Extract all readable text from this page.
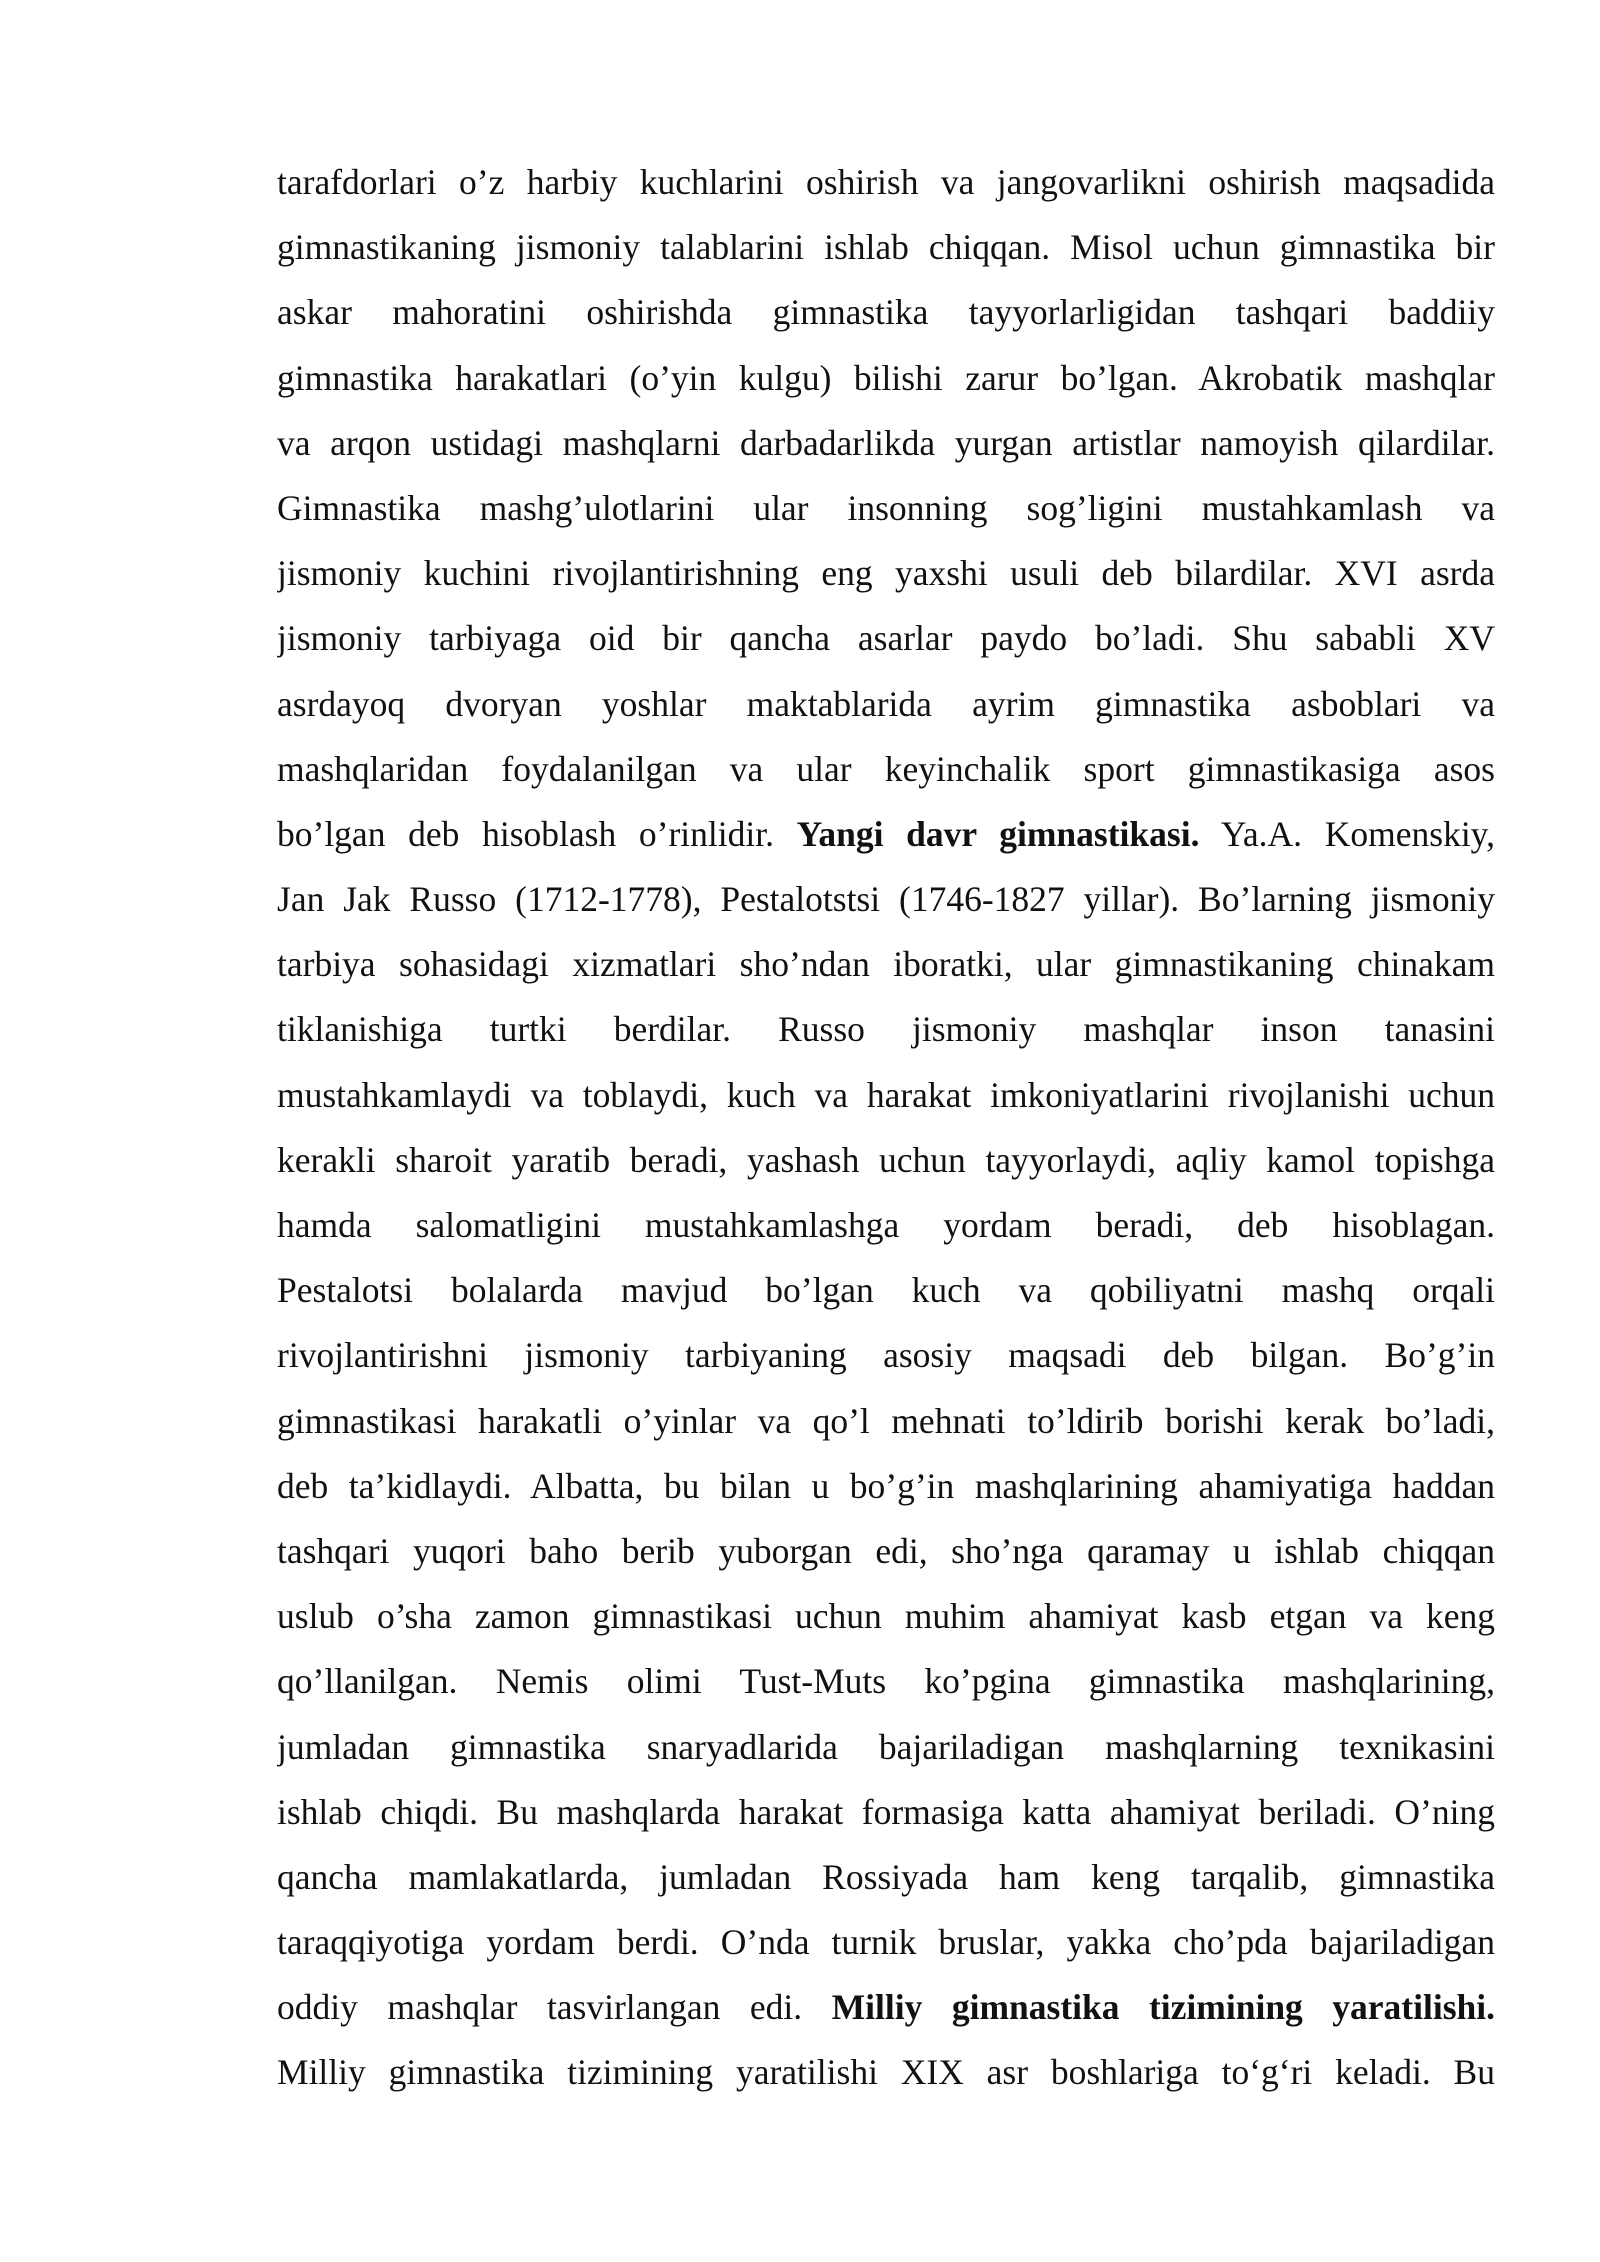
tarafdorlari o’z harbiy kuchlarini oshirish va jangovarlikni oshirish maqsadida
gimnastikaning jismoniy talablarini ishlab chiqqan. Misol uchun gimnastika bir
askar mahoratini oshirishda gimnastika tayyorlarligidan tashqari baddiiy
gimnastika harakatlari (o’yin kulgu) bilishi zarur bo’lgan. Akrobatik mashqlar
va arqon ustidagi mashqlarni darbadarlikda yurgan artistlar namoyish qilardilar.
Gimnastika mashg’ulotlarini ular insonning sog’ligini mustahkamlash va
jismoniy kuchini rivojlantirishning eng yaxshi usuli deb bilardilar. XVI asrda
jismoniy tarbiyaga oid bir qancha asarlar paydo bo’ladi. Shu sababli XV
asrdayoq dvoryan yoshlar maktablarida ayrim gimnastika asboblari va
mashqlaridan foydalanilgan va ular keyinchalik sport gimnastikasiga asos
bo’lgan deb hisoblash o’rinlidir. Yangi davr gimnastikasi. Ya.A. Komenskiy,
Jan Jak Russo (1712-1778), Pestalotstsi (1746-1827 yillar). Bo’larning jismoniy
tarbiya sohasidagi xizmatlari sho’ndan iboratki, ular gimnastikaning chinakam
tiklanishiga turtki berdilar. Russo jismoniy mashqlar inson tanasini
mustahkamlaydi va toblaydi, kuch va harakat imkoniyatlarini rivojlanishi uchun
kerakli sharoit yaratib beradi, yashash uchun tayyorlaydi, aqliy kamol topishga
hamda salomatligini mustahkamlashga yordam beradi, deb hisoblagan.
Pestalotsi bolalarda mavjud bo’lgan kuch va qobiliyatni mashq orqali
rivojlantirishni jismoniy tarbiyaning asosiy maqsadi deb bilgan. Bo’g’in
gimnastikasi harakatli o’yinlar va qo’l mehnati to’ldirib borishi kerak bo’ladi,
deb ta’kidlaydi. Albatta, bu bilan u bo’g’in mashqlarining ahamiyatiga haddan
tashqari yuqori baho berib yuborgan edi, sho’nga qaramay u ishlab chiqqan
uslub o’sha zamon gimnastikasi uchun muhim ahamiyat kasb etgan va keng
qo’llanilgan. Nemis olimi Tust-Muts ko’pgina gimnastika mashqlarining,
jumladan gimnastika snaryadlarida bajariladigan mashqlarning texnikasini
ishlab chiqdi. Bu mashqlarda harakat formasiga katta ahamiyat beriladi. O’ning
qancha mamlakatlarda, jumladan Rossiyada ham keng tarqalib, gimnastika
taraqqiyotiga yordam berdi. O’nda turnik bruslar, yakka cho’pda bajariladigan
oddiy mashqlar tasvirlangan edi. Milliy gimnastika tizimining yaratilishi.
Milliy gimnastika tizimining yaratilishi XIX asr boshlariga to‘g‘ri keladi. Bu
